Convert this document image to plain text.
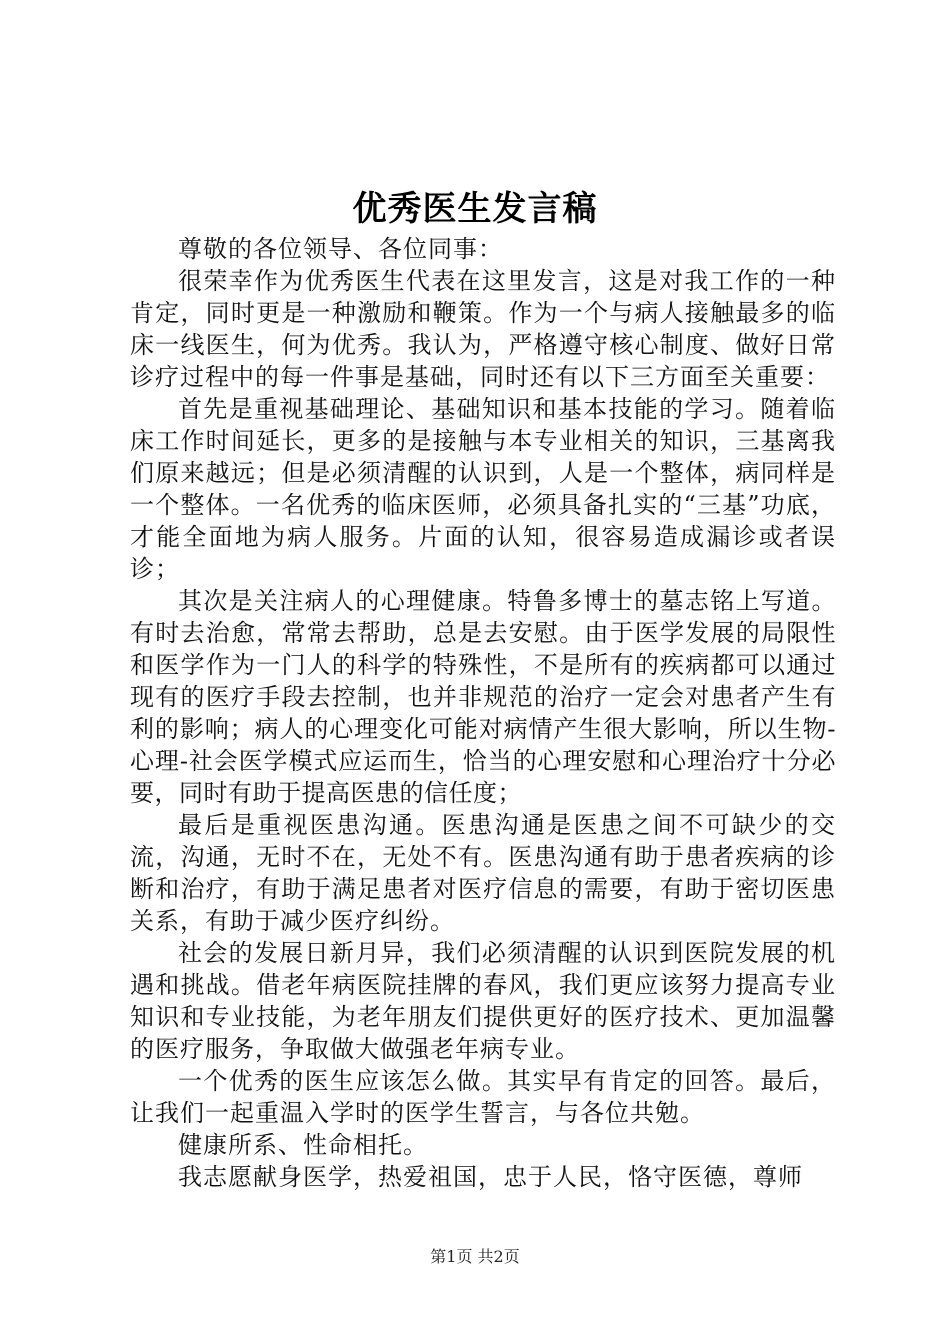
优秀医生发言稿

尊敬的各位领导、各位同事：

很荣幸作为优秀医生代表在这里发言，这是对我工作的一种肯定，同时更是一种激励和鞭策。作为一个与病人接触最多的临床一线医生，何为优秀。我认为，严格遵守核心制度、做好日常诊疗过程中的每一件事是基础，同时还有以下三方面至关重要：

首先是重视基础理论、基础知识和基本技能的学习。随着临床工作时间延长，更多的是接触与本专业相关的知识，三基离我们原来越远；但是必须清醒的认识到，人是一个整体，病同样是一个整体。一名优秀的临床医师，必须具备扎实的“三基”功底，才能全面地为病人服务。片面的认知，很容易造成漏诊或者误诊；

其次是关注病人的心理健康。特鲁多博士的墓志铭上写道。有时去治愈，常常去帮助，总是去安慰。由于医学发展的局限性和医学作为一门人的科学的特殊性，不是所有的疾病都可以通过现有的医疗手段去控制，也并非规范的治疗一定会对患者产生有利的影响；病人的心理变化可能对病情产生很大影响，所以生物-心理-社会医学模式应运而生，恰当的心理安慰和心理治疗十分必要，同时有助于提高医患的信任度；

最后是重视医患沟通。医患沟通是医患之间不可缺少的交流，沟通，无时不在，无处不有。医患沟通有助于患者疾病的诊断和治疗，有助于满足患者对医疗信息的需要，有助于密切医患关系，有助于减少医疗纠纷。

社会的发展日新月异，我们必须清醒的认识到医院发展的机遇和挑战。借老年病医院挂牌的春风，我们更应该努力提高专业知识和专业技能，为老年朋友们提供更好的医疗技术、更加温馨的医疗服务，争取做大做强老年病专业。

一个优秀的医生应该怎么做。其实早有肯定的回答。最后，让我们一起重温入学时的医学生誓言，与各位共勉。

健康所系、性命相托。

我志愿献身医学，热爱祖国，忠于人民，恪守医德，尊师

第1页 共2页
